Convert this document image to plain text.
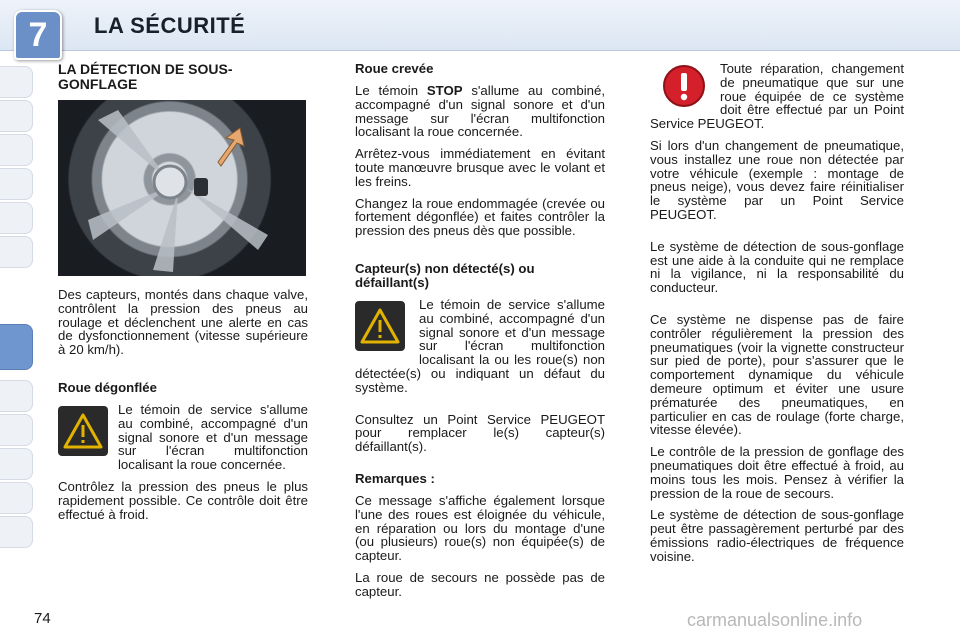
7	LA SÉCURITÉ
LA DÉTECTION DE SOUS-GONFLAGE

Des capteurs, montés dans chaque valve, contrôlent la pression des pneus au roulage et déclenchent une alerte en cas de dysfonctionnement (vitesse supérieure à 20 km/h).

Roue dégonflée

Le témoin de service s'allume au combiné, accompagné d'un signal sonore et d'un message sur l'écran multifonction localisant la roue concernée.

Contrôlez la pression des pneus le plus rapidement possible. Ce contrôle doit être effectué à froid.

Roue crevée

Le témoin STOP s'allume au combiné, accompagné d'un signal sonore et d'un message sur l'écran multifonction localisant la roue concernée.

Arrêtez-vous immédiatement en évitant toute manœuvre brusque avec le volant et les freins.

Changez la roue endommagée (crevée ou fortement dégonflée) et faites contrôler la pression des pneus dès que possible.

Capteur(s) non détecté(s) ou défaillant(s)

Le témoin de service s'allume au combiné, accompagné d'un signal sonore et d'un message sur l'écran multifonction localisant la ou les roue(s) non détectée(s) ou indiquant un défaut du système.

Consultez un Point Service PEUGEOT pour remplacer le(s) capteur(s) défaillant(s).

Remarques :

Ce message s'affiche également lorsque l'une des roues est éloignée du véhicule, en réparation ou lors du montage d'une (ou plusieurs) roue(s) non équipée(s) de capteur.

La roue de secours ne possède pas de capteur.

Toute réparation, changement de pneumatique que sur une roue équipée de ce système doit être effectué par un Point Service PEUGEOT.

Si lors d'un changement de pneumatique, vous installez une roue non détectée par votre véhicule (exemple : montage de pneus neige), vous devez faire réinitialiser le système par un Point Service PEUGEOT.

Le système de détection de sous-gonflage est une aide à la conduite qui ne remplace ni la vigilance, ni la responsabilité du conducteur.

Ce système ne dispense pas de faire contrôler régulièrement la pression des pneumatiques (voir la vignette constructeur sur pied de porte), pour s'assurer que le comportement dynamique du véhicule demeure optimum et éviter une usure prématurée des pneumatiques, en particulier en cas de roulage (forte charge, vitesse élevée).

Le contrôle de la pression de gonflage des pneumatiques doit être effectué à froid, au moins tous les mois. Pensez à vérifier la pression de la roue de secours.

Le système de détection de sous-gonflage peut être passagèrement perturbé par des émissions radio-électriques de fréquence voisine.

74	carmanualsonline.info
